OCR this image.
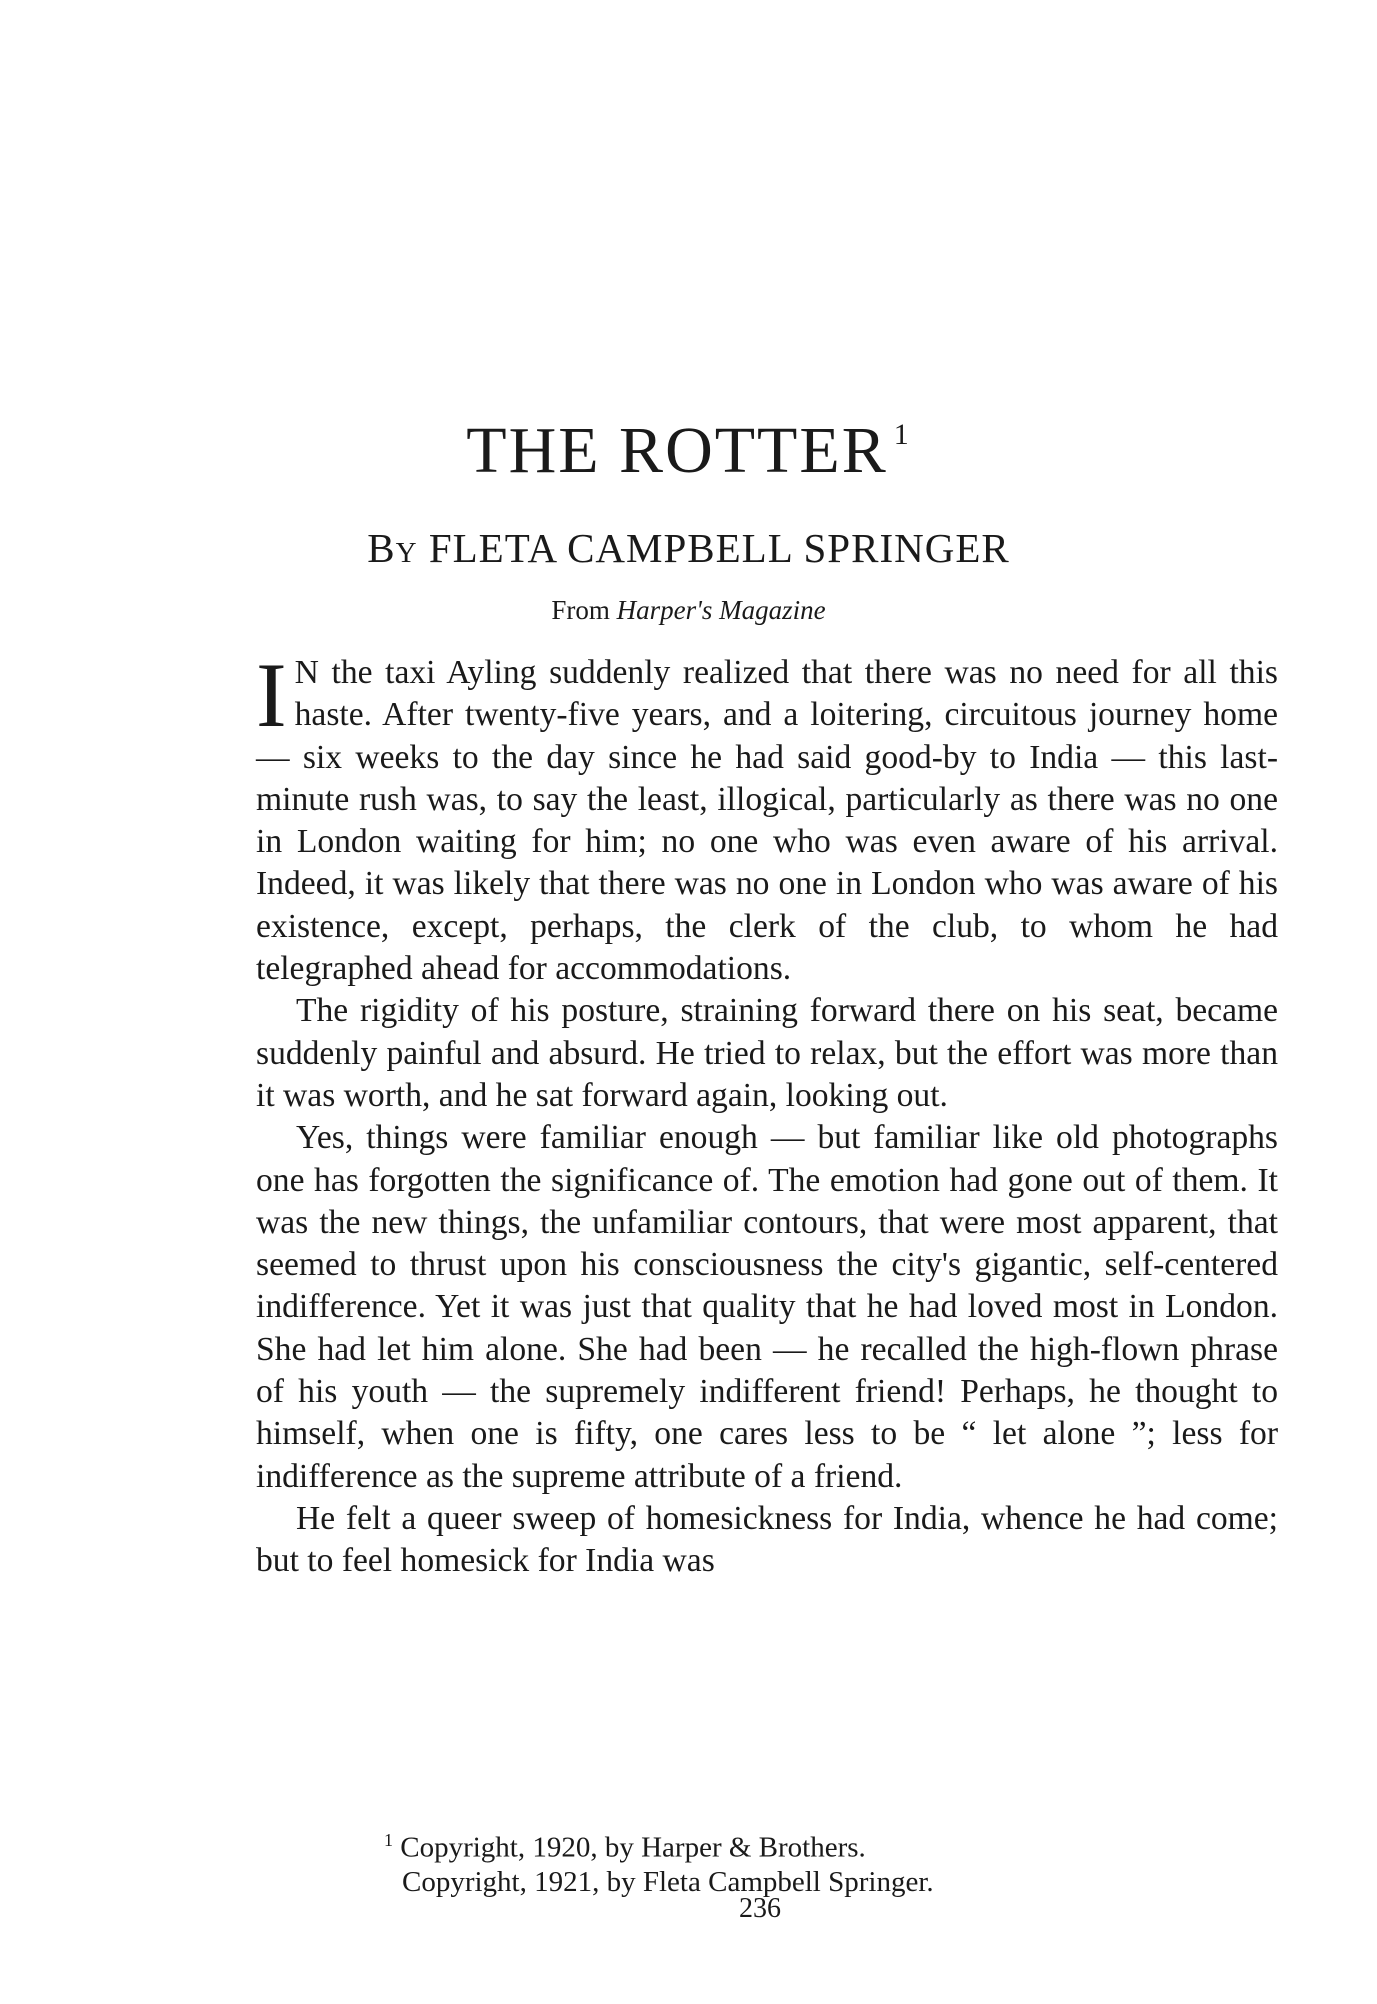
THE ROTTER $^1$
By FLETA CAMPBELL SPRINGER
From Harper's Magazine

I N the taxi Ayling suddenly realized that there was no need for all this haste. After twenty-five years, and a loitering, circuitous journey home — six weeks to the day since he had said good-by to India — this last-minute rush was, to say the least, illogical, particularly as there was no one in London waiting for him; no one who was even aware of his arrival. Indeed, it was likely that there was no one in London who was aware of his existence, except, perhaps, the clerk of the club, to whom he had telegraphed ahead for accommodations.

The rigidity of his posture, straining forward there on his seat, became suddenly painful and absurd. He tried to relax, but the effort was more than it was worth, and he sat forward again, looking out.

Yes, things were familiar enough — but familiar like old photographs one has forgotten the significance of. The emotion had gone out of them. It was the new things, the unfamiliar contours, that were most apparent, that seemed to thrust upon his consciousness the city's gigantic, self-centered indifference. Yet it was just that quality that he had loved most in London. She had let him alone. She had been — he recalled the high-flown phrase of his youth — the supremely indifferent friend! Perhaps, he thought to himself, when one is fifty, one cares less to be “ let alone ”; less for indifference as the supreme attribute of a friend.

He felt a queer sweep of homesickness for India, whence he had come; but to feel homesick for India was

$^1$ Copyright, 1920, by Harper & Brothers.
Copyright, 1921, by Fleta Campbell Springer.
236
